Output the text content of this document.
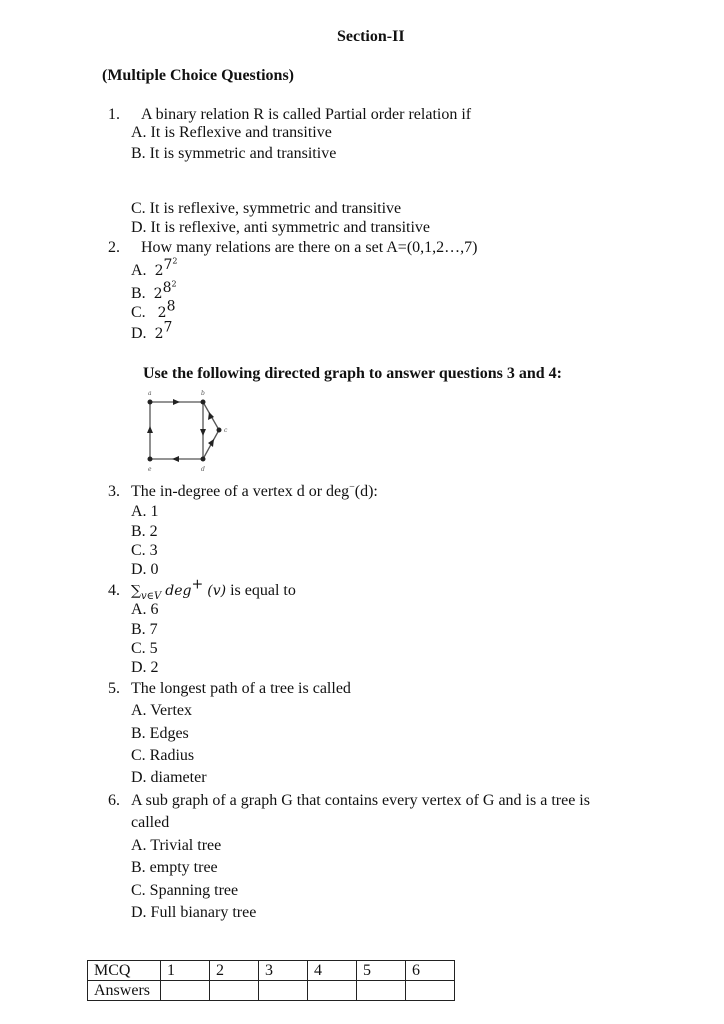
Section-II
(Multiple Choice Questions)
1. A binary relation R is called Partial order relation if
A. It is Reflexive and transitive
B. It is symmetric and transitive
C. It is reflexive, symmetric and transitive
D. It is reflexive, anti symmetric and transitive
2. How many relations are there on a set A=(0,1,2…,7)
A. $2^{7^2}$
B. $2^{8^2}$
C. $2^8$
D. $2^7$
Use the following directed graph to answer questions 3 and 4:
a	b
c
d
e
3. The in-degree of a vertex d or deg−(d):
A. 1
B. 2
C. 3
D. 0
4. $\sum_{v\in V}$ deg+ (v) is equal to
A. 6
B. 7
C. 5
D. 2
5. The longest path of a tree is called
A. Vertex
B. Edges
C. Radius
D. diameter
6. A sub graph of a graph G that contains every vertex of G and is a tree is
called
A. Trivial tree
B. empty tree
C. Spanning tree
D. Full bianary tree
MCQ	1	2	3	4	5	6
Answers						
